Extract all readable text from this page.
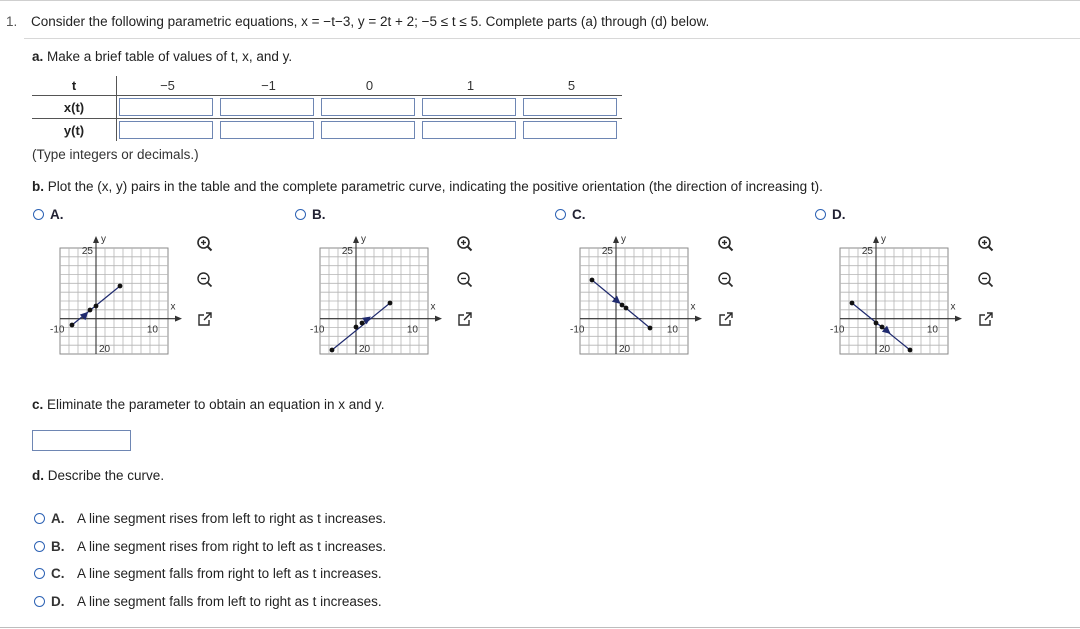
1. Consider the following parametric equations, x = −t−3, y = 2t + 2; −5 ≤ t ≤ 5. Complete parts (a) through (d) below.
a. Make a brief table of values of t, x, and y.
t	−5	−1	0	1	5
x(t)	

y(t)	

(Type integers or decimals.)
b. Plot the (x, y) pairs in the table and the complete parametric curve, indicating the positive orientation (the direction of increasing t).
A.	B.	C.	D.
y
x
25
20
-10	10
y
x
25
20
-10	10
y
x
25
20
-10	10
y
x
25
20
-10	10
c. Eliminate the parameter to obtain an equation in x and y.
d. Describe the curve.
A. A line segment rises from left to right as t increases.
B. A line segment rises from right to left as t increases.
C. A line segment falls from right to left as t increases.
D. A line segment falls from left to right as t increases.
